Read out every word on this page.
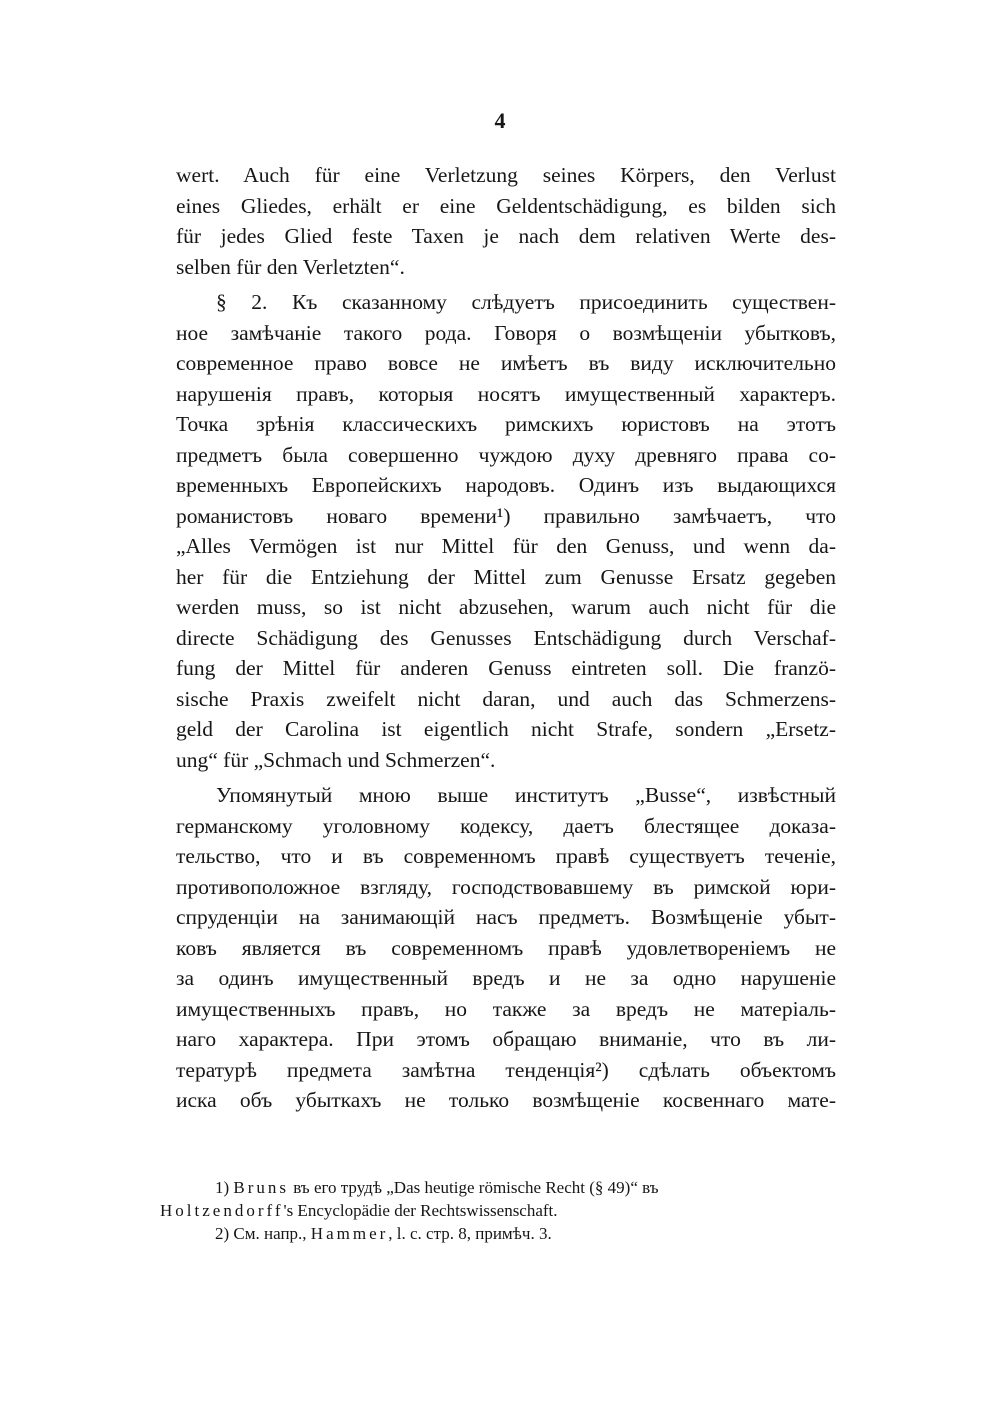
4
wert. Auch für eine Verletzung seines Körpers, den Verlust
eines Gliedes, erhält er eine Geldentschädigung, es bilden sich
für jedes Glied feste Taxen je nach dem relativen Werte des-
selben für den Verletzten“.
§ 2. Къ сказанному слѣдуетъ присоединить существен-
ное замѣчаніе такого рода. Говоря о возмѣщеніи убытковъ,
современное право вовсе не имѣетъ въ виду исключительно
нарушенія правъ, которыя носятъ имущественный характеръ.
Точка зрѣнія классическихъ римскихъ юристовъ на этотъ
предметъ была совершенно чуждою духу древняго права со-
временныхъ Европейскихъ народовъ. Одинъ изъ выдающихся
романистовъ новаго времени¹) правильно замѣчаетъ, что
„Alles Vermögen ist nur Mittel für den Genuss, und wenn da-
her für die Entziehung der Mittel zum Genusse Ersatz gegeben
werden muss, so ist nicht abzusehen, warum auch nicht für die
directe Schädigung des Genusses Entschädigung durch Verschaf-
fung der Mittel für anderen Genuss eintreten soll. Die franzö-
sische Praxis zweifelt nicht daran, und auch das Schmerzens-
geld der Carolina ist eigentlich nicht Strafe, sondern „Ersetz-
ung“ für „Schmach und Schmerzen“.
Упомянутый мною выше институтъ „Busse“, извѣстный
германскому уголовному кодексу, даетъ блестящее доказа-
тельство, что и въ современномъ правѣ существуетъ теченіе,
противоположное взгляду, господствовавшему въ римской юри-
спруденціи на занимающій насъ предметъ. Возмѣщеніе убыт-
ковъ является въ современномъ правѣ удовлетвореніемъ не
за одинъ имущественный вредъ и не за одно нарушеніе
имущественныхъ правъ, но также за вредъ не матеріаль-
наго характера. При этомъ обращаю вниманіе, что въ ли-
тературѣ предмета замѣтна тенденція²) сдѣлать объектомъ
иска объ убыткахъ не только возмѣщеніе косвеннаго мате-
1) Bruns въ его трудѣ „Das heutige römische Recht (§ 49)“ въ
Holtzendorff's Encyclopädie der Rechtswissenschaft.
2) См. напр., Hammer, l. c. стр. 8, примѣч. 3.
